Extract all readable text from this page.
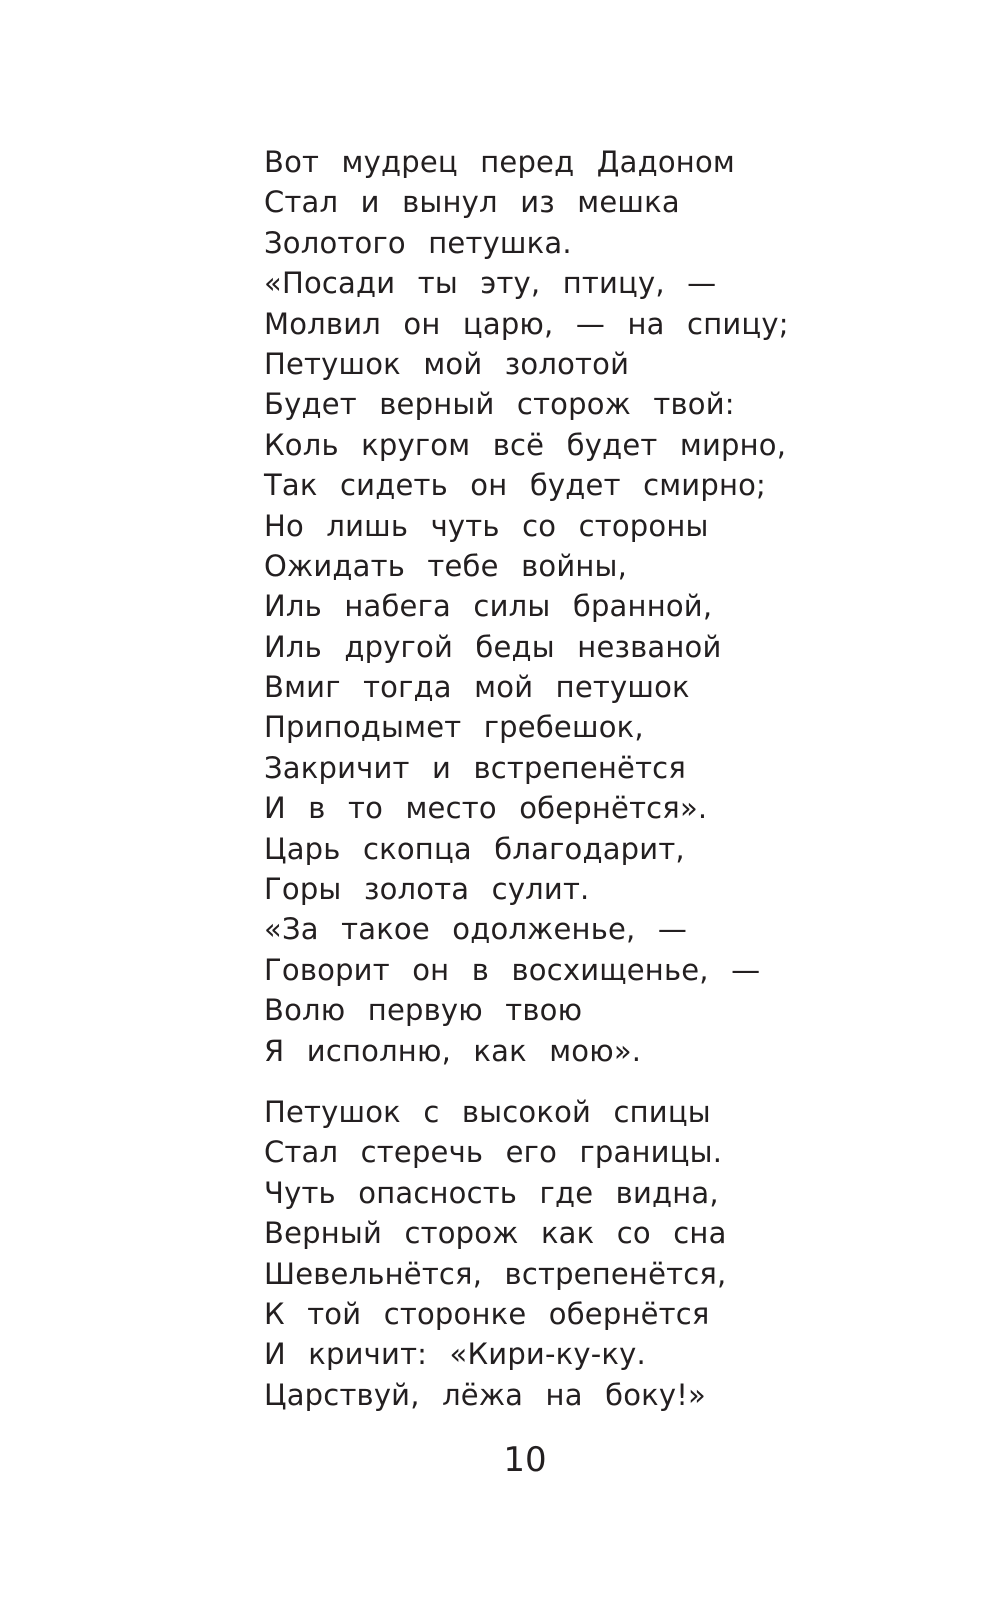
Вот мудрец перед Дадоном
Стал и вынул из мешка
Золотого петушка.
«Посади ты эту, птицу, —
Молвил он царю, — на спицу;
Петушок мой золотой
Будет верный сторож твой:
Коль кругом всё будет мирно,
Так сидеть он будет смирно;
Но лишь чуть со стороны
Ожидать тебе войны,
Иль набега силы бранной,
Иль другой беды незваной
Вмиг тогда мой петушок
Приподымет гребешок,
Закричит и встрепенётся
И в то место обернётся».
Царь скопца благодарит,
Горы золота сулит.
«За такое одолженье, —
Говорит он в восхищенье, —
Волю первую твою
Я исполню, как мою».
Петушок с высокой спицы
Стал стеречь его границы.
Чуть опасность где видна,
Верный сторож как со сна
Шевельнётся, встрепенётся,
К той сторонке обернётся
И кричит: «Кири-ку-ку.
Царствуй, лёжа на боку!»
10
